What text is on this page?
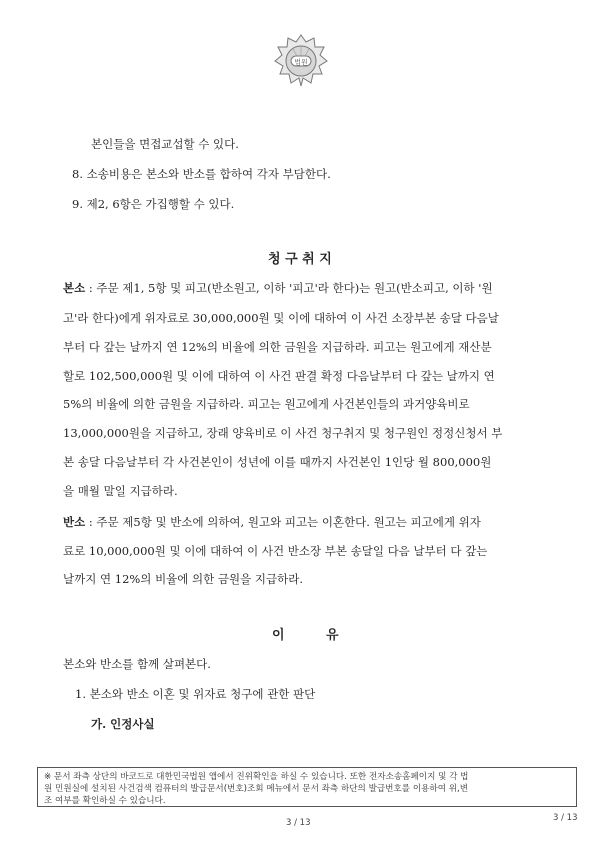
법원
본인들을 면접교섭할 수 있다.
8. 소송비용은 본소와 반소를 합하여 각자 부담한다.
9. 제2, 6항은 가집행할 수 있다.
청 구 취 지
본소 : 주문 제1, 5항 및 피고(반소원고, 이하 '피고'라 한다)는 원고(반소피고, 이하 '원
고'라 한다)에게 위자료로 30,000,000원 및 이에 대하여 이 사건 소장부본 송달 다음날
부터 다 갚는 날까지 연 12%의 비율에 의한 금원을 지급하라. 피고는 원고에게 재산분
할로 102,500,000원 및 이에 대하여 이 사건 판결 확정 다음날부터 다 갚는 날까지 연
5%의 비율에 의한 금원을 지급하라. 피고는 원고에게 사건본인들의 과거양육비로
13,000,000원을 지급하고, 장래 양육비로 이 사건 청구취지 및 청구원인 정정신청서 부
본 송달 다음날부터 각 사건본인이 성년에 이를 때까지 사건본인 1인당 월 800,000원
을 매월 말일 지급하라.
반소 : 주문 제5항 및 반소에 의하여, 원고와 피고는 이혼한다. 원고는 피고에게 위자
료로 10,000,000원 및 이에 대하여 이 사건 반소장 부본 송달일 다음 날부터 다 갚는
날까지 연 12%의 비율에 의한 금원을 지급하라.
이	유
본소와 반소를 함께 살펴본다.
1. 본소와 반소 이혼 및 위자료 청구에 관한 판단
가. 인정사실
※ 문서 좌측 상단의 바코드로 대한민국법원 앱에서 진위확인을 하실 수 있습니다. 또한 전자소송홈페이지 및 각 법
원 민원실에 설치된 사건검색 컴퓨터의 발급문서(번호)조회 메뉴에서 문서 좌측 하단의 발급번호를 이용하여 위,변
조 여부를 확인하실 수 있습니다.
3 / 13	3 / 13
